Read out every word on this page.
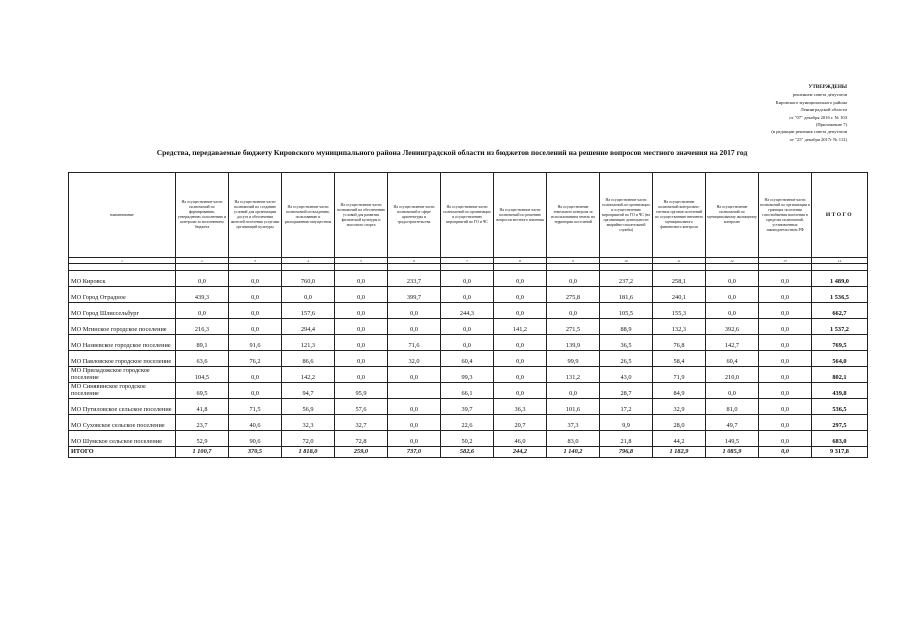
УТВЕРЖДЕНЫ
решением совета депутатов
Кировского муниципального района
Ленинградской области
от "07" декабря 2016 г. № 103
(Приложение 7)
(в редакции решения совета депутатов
от "25" декабря 2017г № 112)
Средства, передаваемые бюджету Кировского муниципального района Ленинградской области из бюджетов поселений на решение вопросов местного значения на 2017 год
наименование	На осуществление части полномочий по формированию, утверждению, исполнению и контролю за исполнением бюджета	На осуществление части полномочий по созданию условий для организации досуга и обеспечения жителей поселения услугами организаций культуры	На осуществление части полномочий по владению, пользованию и распоряжению имуществом	На осуществление части полномочий по обеспечению условий для развития физической культуры и массового спорта	На осуществление части полномочий в сфере архитектуры и градостроительства	На осуществление части полномочий по организации и осуществлению мероприятий по ГО и ЧС	На осуществление части полномочий по решению вопросов местного значения	На осуществление земельного контроля за использованием земель на территории поселений	На осуществление части полномочий по организации и осуществлению мероприятий по ГО и ЧС (на организацию деятельности аварийно-спасательной службы)	На осуществление полномочий контрольно-счетных органов поселений по осуществлению внешнего муниципального финансового контроля	На осуществление полномочий по муниципальному жилищному контролю	На осуществление части полномочий по организации в границах поселения газоснабжения населения в пределах полномочий, установленных законодательством РФ	ИТОГО
1	2	3	4	5	6	7	8	9	10	11	12	13	14

МО Кировск	0,0	0,0	760,0	0,0	233,7	0,0	0,0	0,0	237,2	258,1	0,0	0,0	1 489,0
МО Город Отрадное	439,3	0,0	0,0	0,0	399,7	0,0	0,0	275,8	181,6	240,1	0,0	0,0	1 536,5
МО Город Шлиссельбург	0,0	0,0	157,6	0,0	0,0	244,3	0,0	0,0	105,5	155,3	0,0	0,0	662,7
МО Мгинское городское поселение	216,3	0,0	294,4	0,0	0,0	0,0	141,2	271,5	88,9	132,3	392,6	0,0	1 537,2
МО Назиевское городское поселение	89,1	91,6	121,3	0,0	71,6	0,0	0,0	139,9	36,5	76,8	142,7	0,0	769,5
МО Павловское городское поселение	63,6	76,2	86,6	0,0	32,0	60,4	0,0	99,9	26,5	58,4	60,4	0,0	564,0
МО Приладожское городское поселение	104,5	0,0	142,2	0,0	0,0	99,3	0,0	131,2	43,0	71,9	210,0	0,0	802,1
МО Синявинское городское поселение	69,5	0,0	94,7	95,9		66,1	0,0	0,0	28,7	84,9	0,0	0,0	439,8
МО Путиловское сельское поселение	41,8	71,5	56,9	57,6	0,0	39,7	36,3	101,6	17,2	32,9	81,0	0,0	536,5
МО Суховское сельское поселение	23,7	40,6	32,3	32,7	0,0	22,6	20,7	37,3	9,9	28,0	49,7	0,0	297,5
МО Шумское сельское поселение	52,9	90,6	72,0	72,8	0,0	50,2	46,0	83,0	21,8	44,2	149,5	0,0	683,0
ИТОГО	1 100,7	370,5	1 818,0	259,0	737,0	582,6	244,2	1 140,2	796,8	1 182,9	1 085,9	0,0	9 317,8
